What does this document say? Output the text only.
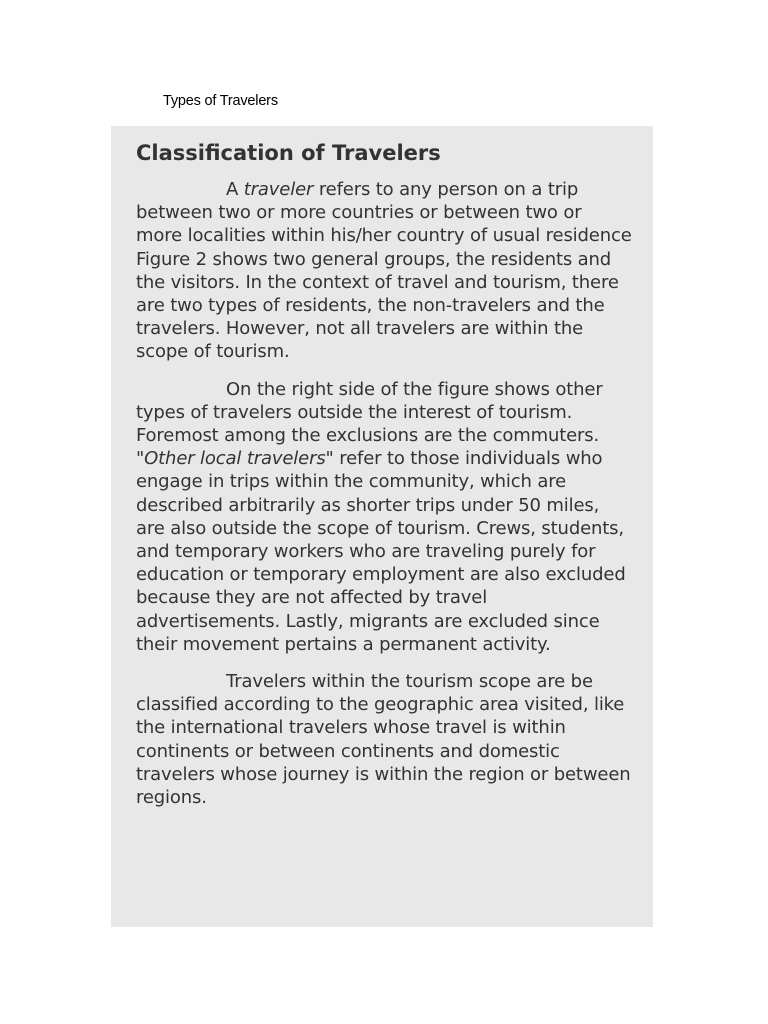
Types of Travelers
Classification of Travelers

A traveler refers to any person on a trip between two or more countries or between two or more localities within his/her country of usual residence Figure 2 shows two general groups, the residents and the visitors. In the context of travel and tourism, there are two types of residents, the non-travelers and the travelers. However, not all travelers are within the scope of tourism.

On the right side of the figure shows other types of travelers outside the interest of tourism. Foremost among the exclusions are the commuters. "Other local travelers" refer to those individuals who engage in trips within the community, which are described arbitrarily as shorter trips under 50 miles, are also outside the scope of tourism. Crews, students, and temporary workers who are traveling purely for education or temporary employment are also excluded because they are not affected by travel advertisements. Lastly, migrants are excluded since their movement pertains a permanent activity.

Travelers within the tourism scope are be classified according to the geographic area visited, like the international travelers whose travel is within continents or between continents and domestic travelers whose journey is within the region or between regions.
